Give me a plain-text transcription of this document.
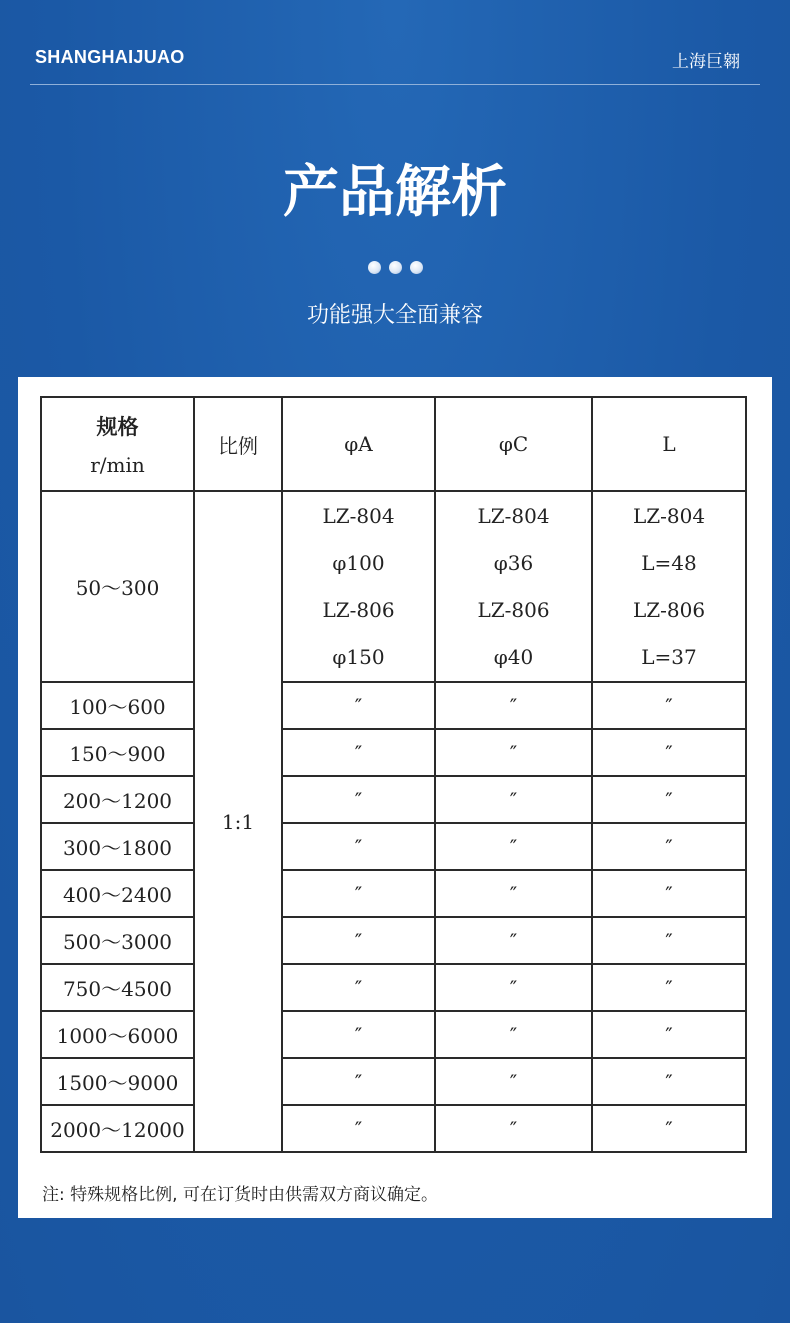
SHANGHAIJUAO	上海巨翱
产品解析
功能强大全面兼容
规格
r/min	比例	φA	φC	L
50～300	1:1	LZ-804
φ100
LZ-806
φ150	LZ-804
φ36
LZ-806
φ40	LZ-804
L=48
LZ-806
L=37

100～600		″	″	″
150～900		″	″	″
200～1200		″	″	″
300～1800		″	″	″
400～2400		″	″	″
500～3000		″	″	″
750～4500		″	″	″
1000～6000		″	″	″
1500～9000		″	″	″
2000～12000		″	″	″
注: 特殊规格比例, 可在订货时由供需双方商议确定。
